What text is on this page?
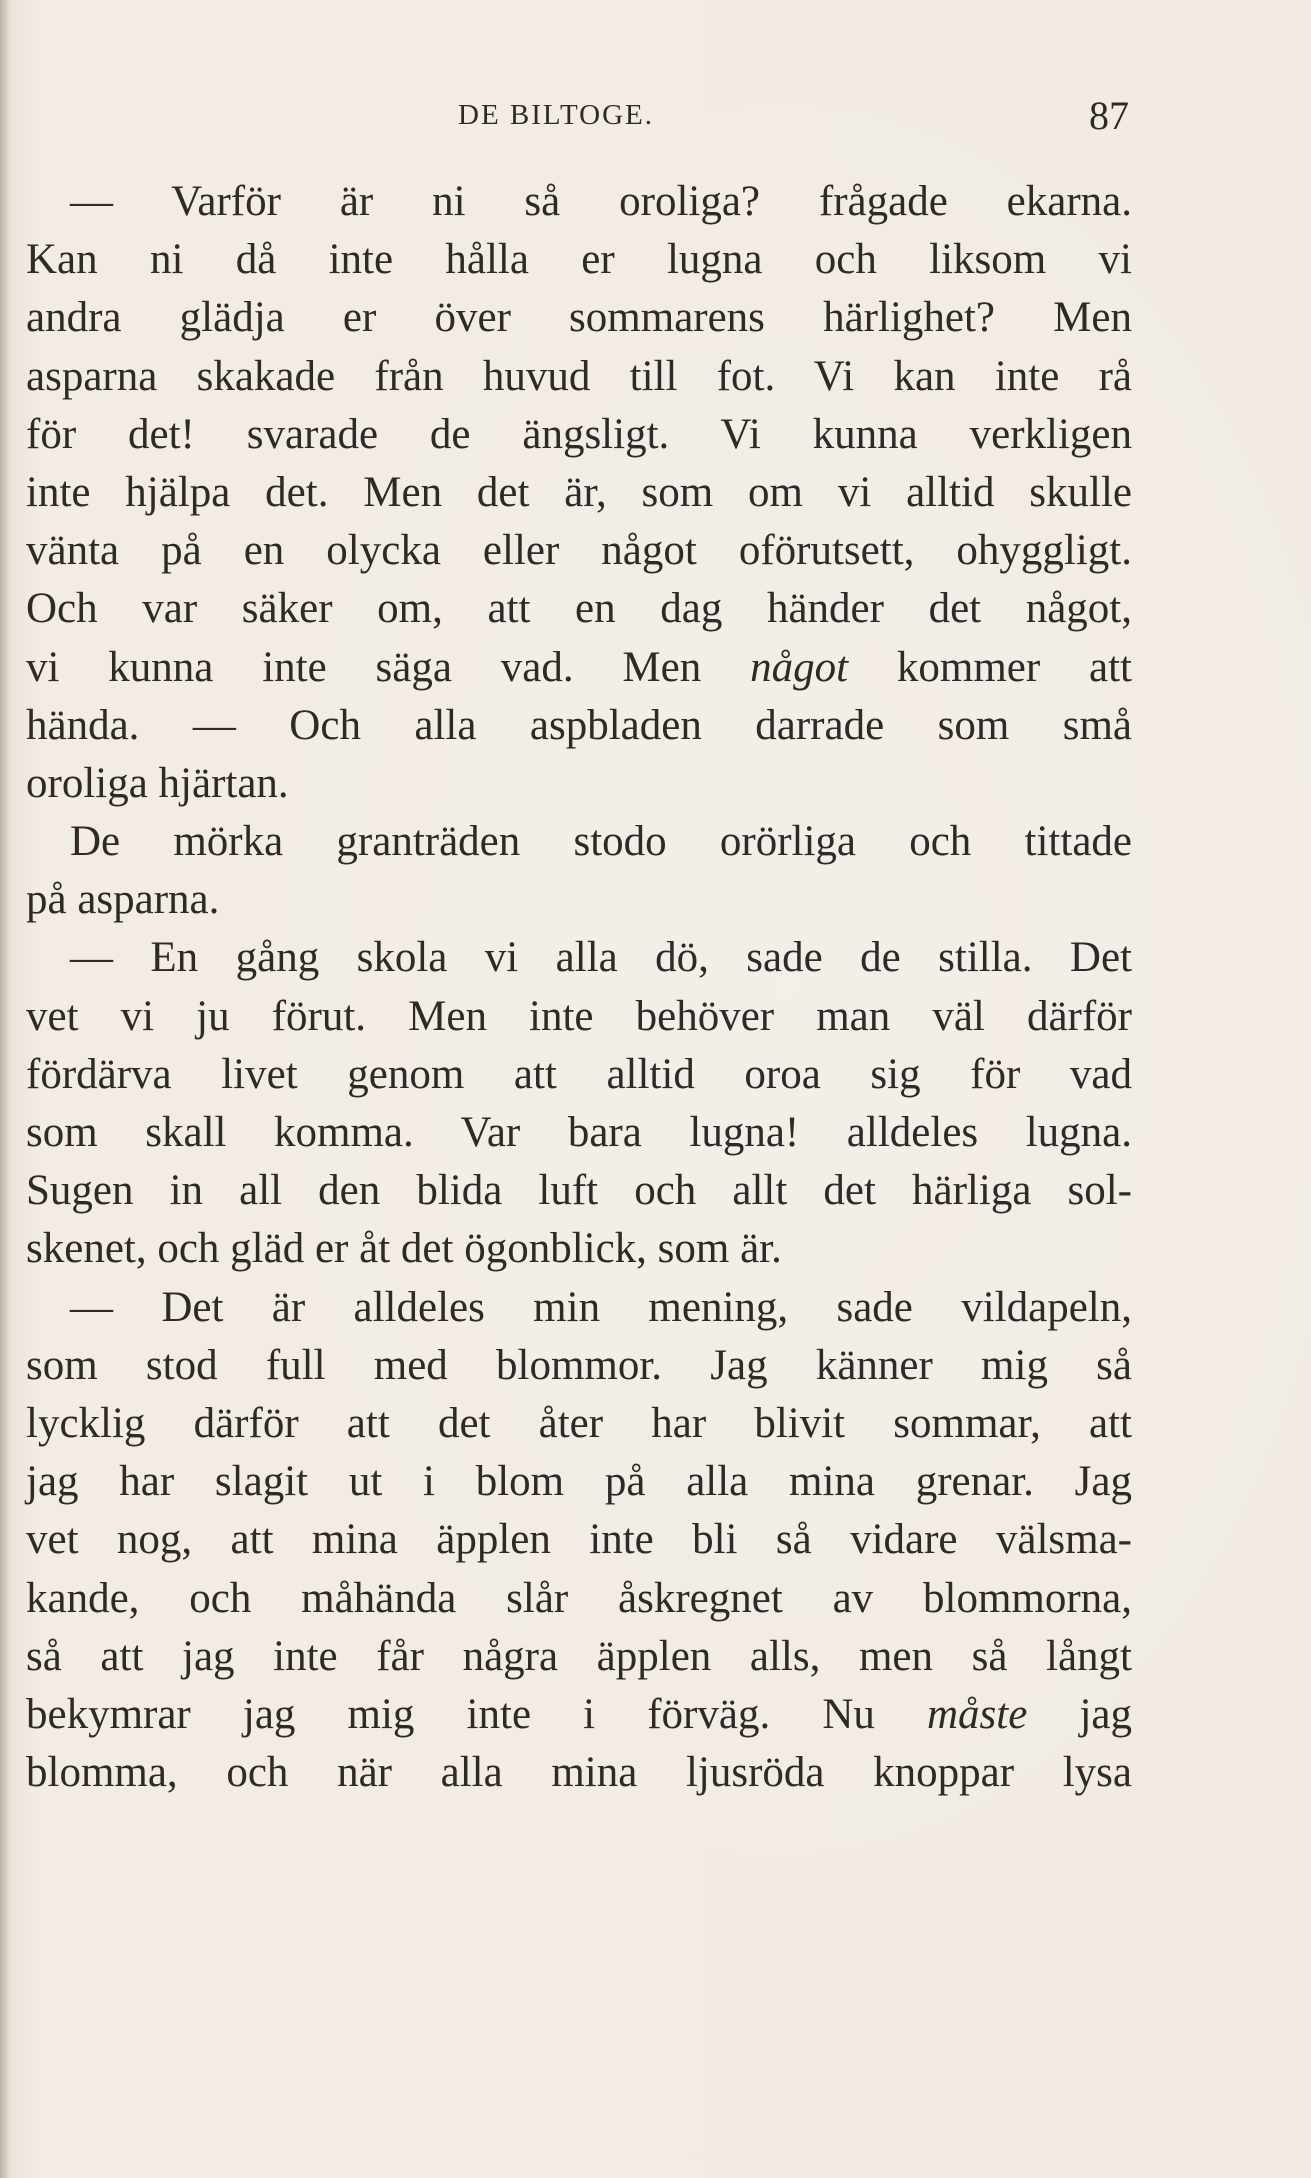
DE BILTOGE.	87
— Varför är ni så oroliga? frågade ekarna.
Kan ni då inte hålla er lugna och liksom vi
andra glädja er över sommarens härlighet? Men
asparna skakade från huvud till fot. Vi kan inte rå
för det! svarade de ängsligt. Vi kunna verkligen
inte hjälpa det. Men det är, som om vi alltid skulle
vänta på en olycka eller något oförutsett, ohyggligt.
Och var säker om, att en dag händer det något,
vi kunna inte säga vad. Men något kommer att
hända. — Och alla aspbladen darrade som små
oroliga hjärtan.
De mörka granträden stodo orörliga och tittade
på asparna.
— En gång skola vi alla dö, sade de stilla. Det
vet vi ju förut. Men inte behöver man väl därför
fördärva livet genom att alltid oroa sig för vad
som skall komma. Var bara lugna! alldeles lugna.
Sugen in all den blida luft och allt det härliga sol-
skenet, och gläd er åt det ögonblick, som är.
— Det är alldeles min mening, sade vildapeln,
som stod full med blommor. Jag känner mig så
lycklig därför att det åter har blivit sommar, att
jag har slagit ut i blom på alla mina grenar. Jag
vet nog, att mina äpplen inte bli så vidare välsma-
kande, och måhända slår åskregnet av blommorna,
så att jag inte får några äpplen alls, men så långt
bekymrar jag mig inte i förväg. Nu måste jag
blomma, och när alla mina ljusröda knoppar lysa
